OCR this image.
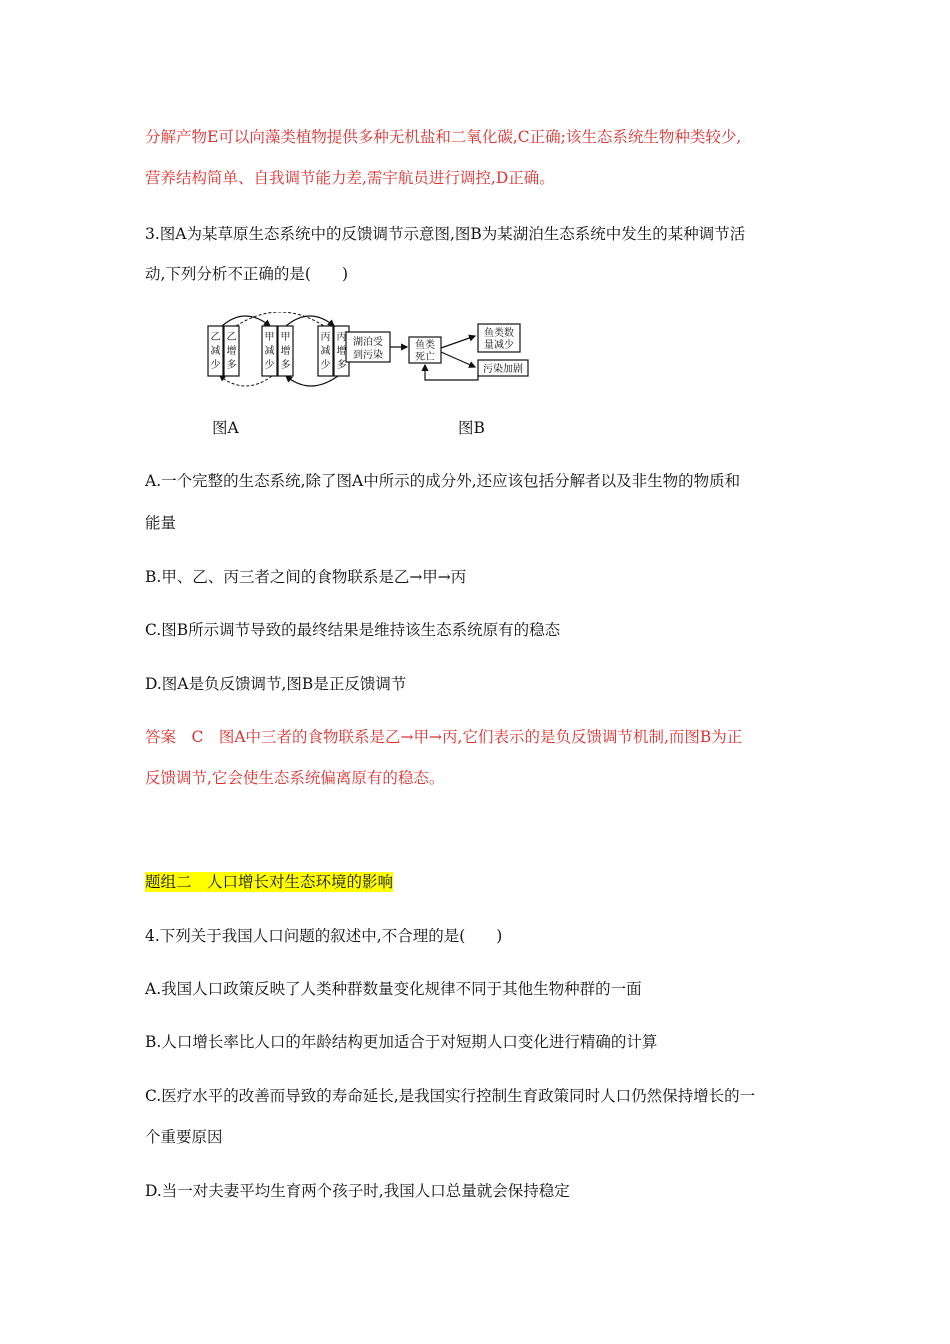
分解产物E可以向藻类植物提供多种无机盐和二氧化碳,C正确;该生态系统生物种类较少,
营养结构简单、自我调节能力差,需宇航员进行调控,D正确。
3.图A为某草原生态系统中的反馈调节示意图,图B为某湖泊生态系统中发生的某种调节活
动,下列分析不正确的是(　　)
乙
减
少
乙
增
多
甲
减
少
甲
增
多
丙
减
少
丙
增
多
图A
湖泊受
到污染
鱼类
死亡
鱼类数
量减少
污染加剧
图B
A.一个完整的生态系统,除了图A中所示的成分外,还应该包括分解者以及非生物的物质和
能量
B.甲、乙、丙三者之间的食物联系是乙→甲→丙
C.图B所示调节导致的最终结果是维持该生态系统原有的稳态
D.图A是负反馈调节,图B是正反馈调节
答案　C　图A中三者的食物联系是乙→甲→丙,它们表示的是负反馈调节机制,而图B为正
反馈调节,它会使生态系统偏离原有的稳态。
题组二　人口增长对生态环境的影响
4.下列关于我国人口问题的叙述中,不合理的是(　　)
A.我国人口政策反映了人类种群数量变化规律不同于其他生物种群的一面
B.人口增长率比人口的年龄结构更加适合于对短期人口变化进行精确的计算
C.医疗水平的改善而导致的寿命延长,是我国实行控制生育政策同时人口仍然保持增长的一
个重要原因
D.当一对夫妻平均生育两个孩子时,我国人口总量就会保持稳定
